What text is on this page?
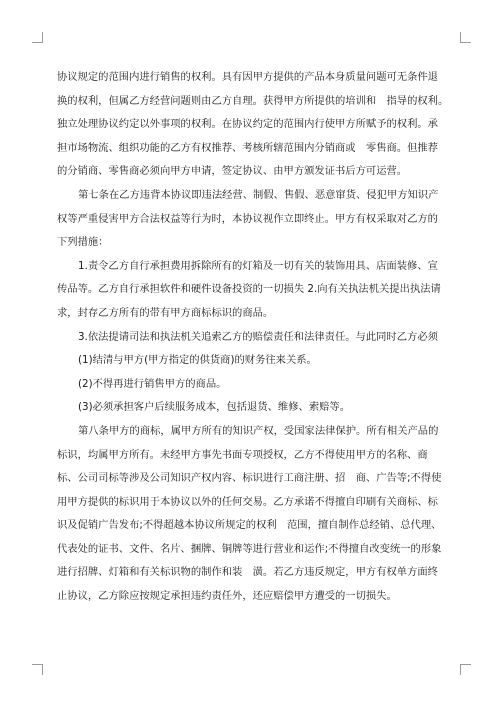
协议规定的范围内进行销售的权利。具有因甲方提供的产品本身质量问题可无条件退
换的权利，但属乙方经营问题则由乙方自理。获得甲方所提供的培训和　指导的权利。
独立处理协议约定以外事项的权利。在协议约定的范围内行使甲方所赋予的权利。承
担市场物流、组织功能的乙方有权推荐、考核所辖范围内分销商或　零售商。但推荐
的分销商、零售商必须向甲方申请，签定协议、由甲方颁发证书后方可运营。
第七条在乙方违背本协议即违法经营、制假、售假、恶意窜货、侵犯甲方知识产
权等严重侵害甲方合法权益等行为时，本协议视作立即终止。甲方有权采取对乙方的
下列措施：
1.责令乙方自行承担费用拆除所有的灯箱及一切有关的装饰用具、店面装修、宣
传品等。乙方自行承担软件和硬件设备投资的一切损失 2.向有关执法机关提出执法请
求，封存乙方所有的带有甲方商标标识的商品。
3.依法提请司法和执法机关追索乙方的赔偿责任和法律责任。与此同时乙方必须
(1)结清与甲方(甲方指定的供货商)的财务往来关系。
(2)不得再进行销售甲方的商品。
(3)必须承担客户后续服务成本，包括退货、维修、索赔等。
第八条甲方的商标，属甲方所有的知识产权，受国家法律保护。所有相关产品的
标识，均属甲方所有。未经甲方事先书面专项授权，乙方不得使用甲方的名称、商
标、公司司标等涉及公司知识产权内容、标识进行工商注册、招　商、广告等;不得使
用甲方提供的标识用于本协议以外的任何交易。乙方承诺不得擅自印刷有关商标、标
识及促销广告发布;不得超越本协议所规定的权利　范围，擅自制作总经销、总代理、
代表处的证书、文件、名片、捆牌、铜牌等进行营业和运作;不得擅自改变统一的形象
进行招牌、灯箱和有关标识物的制作和装　潢。若乙方违反规定，甲方有权单方面终
止协议，乙方除应按规定承担违约责任外，还应赔偿甲方遭受的一切损失。
